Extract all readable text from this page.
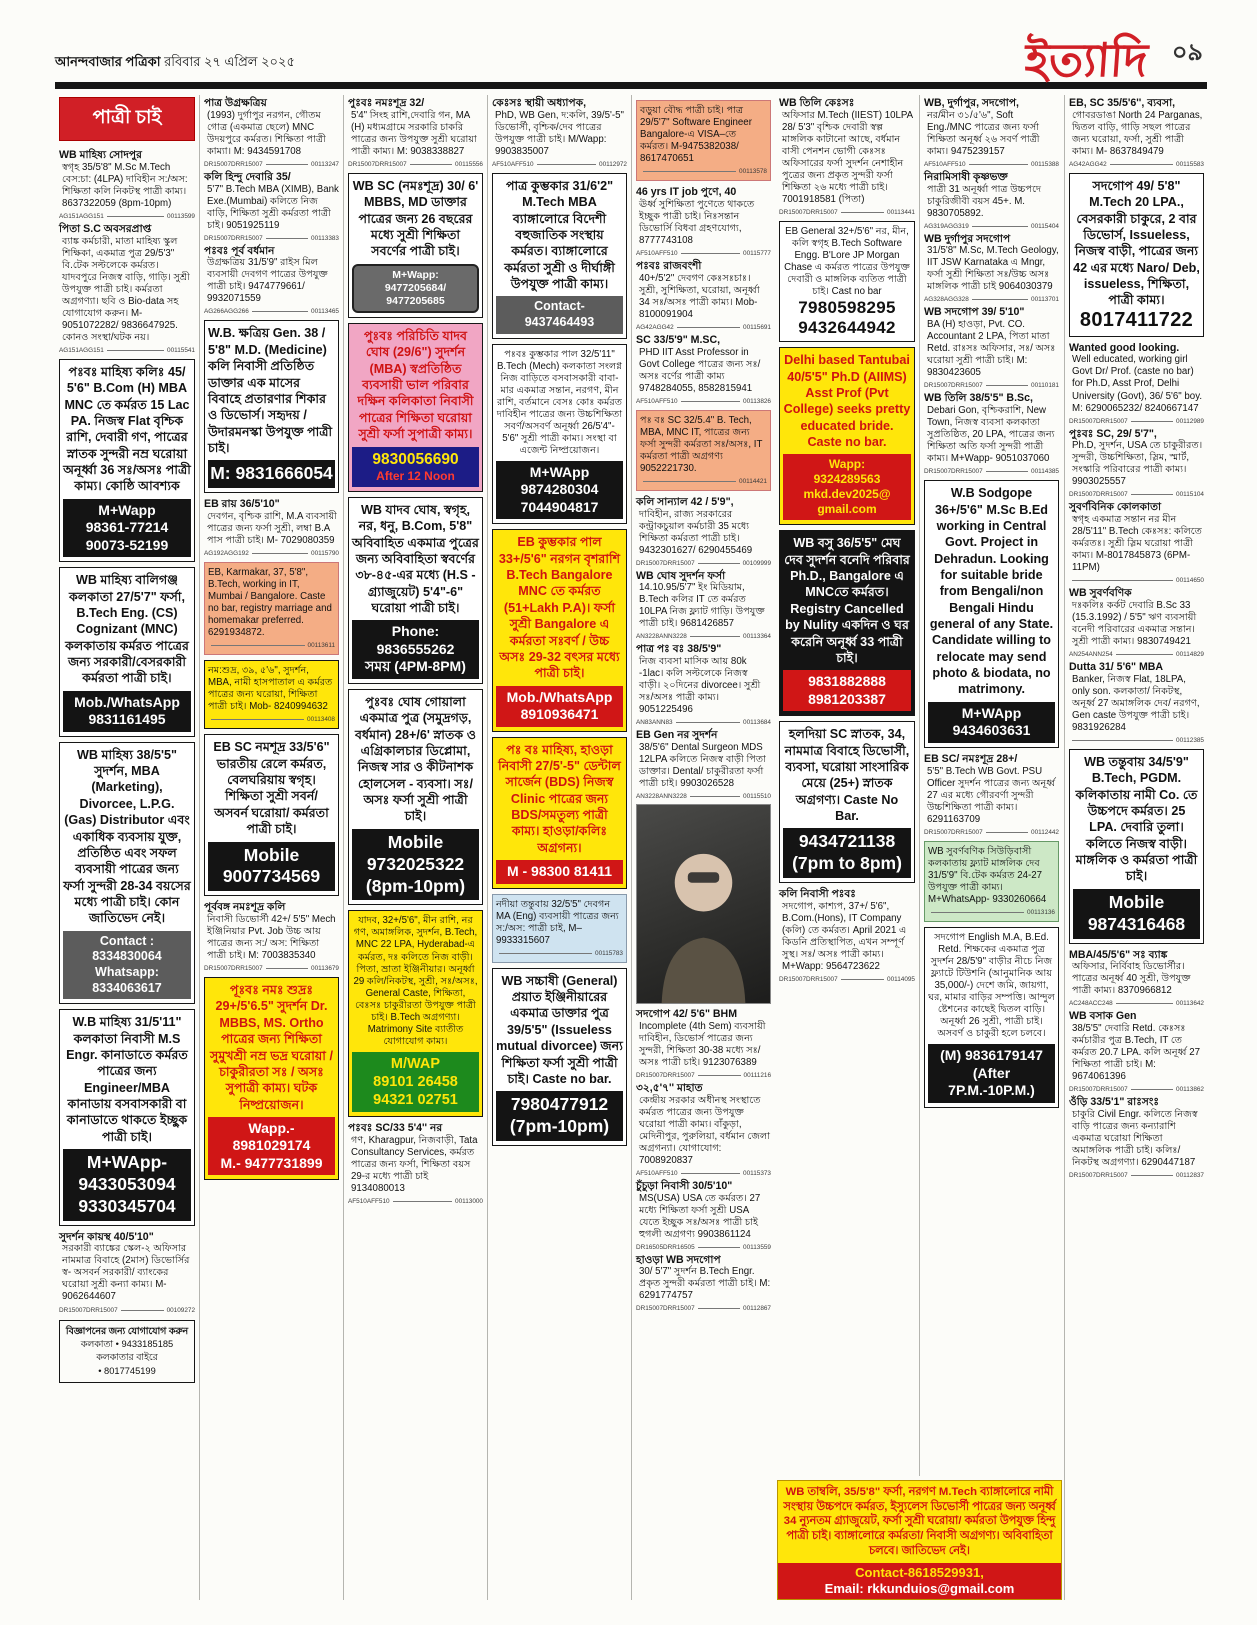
আনন্দবাজার পত্রিকা রবিবার ২৭ এপ্রিল ২০২৫	ইত্যাদি ০৯
পাত্রী চাই
WB মাহিষ্য সোদপুর
স্বগৃহ 35/5'8" M.Sc M.Tech বেস:চা: (4LPA) দাবিহীন স:/অস: শিক্ষিতা কলি নিকটস্থ পাত্রী কাম্য। 8637322059 (8pm-10pm)
AG151AGG151	00113599
পিতা S.C অবসরপ্রাপ্ত
ব্যাঙ্ক কর্মচারী, মাতা মাহিষ্য স্কুল শিক্ষিকা, একমাত্র পুত্র 29/5'3" বি.টেক সল্টলেকে কর্মরত। যাদবপুরে নিজস্ব বাড়ি, গাড়ি। সুশ্রী উপযুক্ত পাত্রী চাই। কর্মরতা অগ্রগণ্যা। ছবি ও Bio-data সহ যোগাযোগ করুন। M-9051072282/ 9836647925. কোনও সংস্থা/ঘটক নয়।
AG151AGG151	00115541
পঃবঃ মাহিষ্য কলিঃ 45/ 5'6" B.Com (H) MBA MNC তে কর্মরত 15 Lac PA. নিজস্ব Flat বৃশ্চিক রাশি, দেবারী গণ, পাত্রের স্নাতক সুন্দরী নম্র ঘরোয়া অনূর্ধ্বা 36 সঃ/অসঃ পাত্রী কাম্য। কোষ্ঠি আবশ্যক
M+Wapp
98361-77214
90073-52199
WB মাহিষ্য বালিগঞ্জ কলকাতা 27/5'7" ফর্সা, B.Tech Eng. (CS) Cognizant (MNC) কলকাতায় কর্মরত পাত্রের জন্য সরকারী/বেসরকারী কর্মরতা পাত্রী চাই।
Mob./WhatsApp
9831161495
WB মাহিষ্য 38/5'5" সুদর্শন, MBA (Marketing), Divorcee, L.P.G. (Gas) Distributor এবং একাধিক ব্যবসায় যুক্ত, প্রতিষ্ঠিত এবং সফল ব্যবসায়ী পাত্রের জন্য ফর্সা সুন্দরী 28-34 বয়সের মধ্যে পাত্রী চাই। কোন জাতিভেদ নেই।
Contact :
8334830064
Whatsapp:
8334063617
W.B মাহিষ্য 31/5'11" কলকাতা নিবাসী M.S Engr. কানাডাতে কর্মরত পাত্রের জন্য Engineer/MBA কানাডায় বসবাসকারী বা কানাডাতে থাকতে ইচ্ছুক পাত্রী চাই।
M+WApp-
9433053094
9330345704
সুদর্শন কায়স্থ 40/5'10"
সরকারী ব্যাঙ্কের স্কেল-২ অফিসার নামমাত্র বিবাহে (2মাস) ডিভোর্সির স্ব- অসবর্ন সরকারী/ ব্যাংকের ঘরোয়া সুশ্রী কন্যা কাম্য। M-9062644607
DR15007DRR15007	00109272
বিজ্ঞাপনের জন্য যোগাযোগ করুন
কলকাতা • 9433185185
কলকাতার বাইরে
• 8017745199
পাত্র উগ্রক্ষত্রিয়
(1993) দুর্গাপুর নরগন, গৌতম গোত্র (একমাত্র ছেলে) MNC উদয়পুরে কর্মরত। শিক্ষিতা পাত্রী কাম্যা। M: 9434591708
DR15007DRR15007	00113247
কলি হিন্দু দেবারি 35/
5'7" B.Tech MBA (XIMB), Bank Exe.(Mumbai) কলিতে নিজ বাড়ি, শিক্ষিতা সুশ্রী কর্মরতা পাত্রী চাই। 9051925119
DR15007DRR15007	00113383
পঃবঃ পূর্ব বর্ধমান
উগ্রক্ষত্রিয় 31/5'9" রাইস মিল ব্যবসায়ী দেবগণ পাত্রের উপযুক্ত পাত্রী চাই। 9474779661/ 9932071559
AG266AGG266	00113465
W.B. ক্ষত্রিয় Gen. 38 / 5'8" M.D. (Medicine) কলি নিবাসী প্রতিষ্ঠিত ডাক্তার এক মাসের বিবাহে প্রতারণার শিকার ও ডিভোর্স। সহৃদয় / উদারমনস্কা উপযুক্ত পাত্রী চাই।
M: 9831666054
EB রায় 36/5'10"
দেবগন, বৃশ্চিক রাশি, M.A ব্যবসায়ী পাত্রের জন্য ফর্সা সুশ্রী, লম্বা B.A পাস পাত্রী চাই। M- 7029080359
AG192AGG192	00115790
EB, Karmakar, 37, 5'8", B.Tech, working in IT, Mumbai / Bangalore. Caste no bar, registry marriage and homemakar preferred. 6291934872.
00113611
নম:শুদ্র, ৩৯, ৫'৬", সুদর্শন, MBA, নামী হাসপাতাল এ কর্মরত পাত্রের জন্য ঘরোয়া, শিক্ষিতা পাত্রী চাই। Mob- 8240994632
00113408
EB SC নমশূদ্র 33/5'6" ভারতীয় রেলে কর্মরত, বেলঘরিয়ায় স্বগৃহ। শিক্ষিতা সুশ্রী সবর্ন/ অসবর্ন ঘরোয়া/ কর্মরতা পাত্রী চাই।
Mobile
9007734569
পূর্ববঙ্গ নমঃশূদ্র কলি
নিবাসী ডিভোর্সী 42+/ 5'5" Mech ইঞ্জিনিয়ার Pvt. Job উচ্চ আয় পাত্রের জন্য স:/ অস: শিক্ষিতা পাত্রী চাই। M: 7003835340
DR15007DRR15007	00113679
পূঃবঃ নমঃ শুদ্রঃ 29+/5'6.5" সুদর্শন Dr. MBBS, MS. Ortho পাত্রের জন্য শিক্ষিতা সুমুখশ্রী নম্র ভদ্র ঘরোয়া / চাকুরীরতা সঃ / অসঃ সুপাত্রী কাম্য। ঘটক নিষ্প্রয়োজন।
Wapp.-
8981029174
M.- 9477731899
পুঃবঃ নমঃশূদ্র 32/
5'4" সিংহ রাশি,দেবারি গন, MA (H) মধ্যমগ্রামে সরকারি চাকরি পাত্রের জন্য উপযুক্ত সুশ্রী ঘরোয়া পাত্রী কাম্য। M: 9038338827
DR15007DRR15007	00115556
WB SC (নমঃশূদ্র) 30/ 6' MBBS, MD ডাক্তার পাত্রের জন্য 26 বছরের মধ্যে সুশ্রী শিক্ষিতা সবর্ণের পাত্রী চাই।
M+Wapp:
9477205684/ 9477205685
পুঃবঃ পরিচিতি যাদব ঘোষ (29/6") সুদর্শন (MBA) স্বপ্রতিষ্ঠিত ব্যবসায়ী ভাল পরিবার দক্ষিন কলিকাতা নিবাসী পাত্রের শিক্ষিতা ঘরোয়া সুশ্রী ফর্সা সুপাত্রী কাম্য।
9830056690
After 12 Noon
WB যাদব ঘোষ, স্বগৃহ, নর, ধনু, B.Com, 5'8" অবিবাহিত একমাত্র পুত্রের জন্য অবিবাহিতা স্ববর্ণের ৩৮-৪৫-এর মধ্যে (H.S - গ্র্যাজুয়েট) 5'4"-6" ঘরোয়া পাত্রী চাই।
Phone:
9836555262
সময় (4PM-8PM)
পুঃবঃ ঘোষ গোয়ালা একমাত্র পুত্র (সমুদ্রগড়, বর্ধমান) 28+/6' স্নাতক ও এগ্রিকালচার ডিপ্লোমা, নিজস্ব সার ও কীটনাশক হোলসেল - ব্যবসা। সঃ/অসঃ ফর্সা সুশ্রী পাত্রী চাই।
Mobile
9732025322
(8pm-10pm)
যাদব, 32+/5'6", মীন রাশি, নর গণ, অমাঙ্গলিক, সুদর্শন, B.Tech, MNC 22 LPA, Hyderabad-এ কর্মরত, দঃ কলিতে নিজ বাড়ী। পিতা, ভ্রাতা ইঞ্জিনীয়ার। অনূর্ধ্বা 29 কলি/নিকটস্থ, সুশ্রী, সঃ/অসঃ, General Caste, শিক্ষিতা, বেঃসঃ চাকুরীরতা উপযুক্ত পাত্রী চাই। B.Tech অগ্রগণ্যা। Matrimony Site ব্যাতীত যোগাযোগ কাম্য।
M/WAP
89101 26458
94321 02751
পঃবঃ SC/33 5'4'' নর
গণ, Kharagpur, নিজবাড়ী, Tata Consultancy Services, কর্মরত পাত্রের জন্য ফর্সা, শিক্ষিতা বয়স 29-র মধ্যে পাত্রী চাই 9134080013
AF510AFF510	00113000
কেঃসঃ স্থায়ী অধ্যাপক,
PhD, WB Gen, দ:কলি, 39/5'-5" ডিভোর্সী, বৃশ্চিক/দেব পাত্রের উপযুক্ত পাত্রী চাই। M/Wapp: 9903835007
AF510AFF510	00112972
পাত্র কুম্ভকার 31/6'2" M.Tech MBA ব্যাঙ্গালোরে বিদেশী বহুজাতিক সংস্থায় কর্মরত। ব্যাঙ্গালোরে কর্মরতা সুশ্রী ও দীর্ঘাঙ্গী উপযুক্ত পাত্রী কাম্য।
Contact-
9437464493
পঃবঃ কুম্ভকার পাল 32/5'11" B.Tech (Mech) কলকাতা সংলগ্ন নিজ বাড়িতে বসবাসকারী বাবা-মার একমাত্র সন্তান, নরগণ, মীন রাশি, বর্তমানে বেসঃ কোঃ কর্মরত দাবিহীন পাত্রের জন্য উচ্চশিক্ষিতা সবর্ণ/অসবর্ণ অনূর্ধ্বা 26/5'4"- 5'6" সুশ্রী পাত্রী কাম্য। সংস্থা বা এজেন্ট নিষ্প্রয়োজন।
M+WApp
9874280304
7044904817
EB কুম্ভকার পাল 33+/5'6" নরগন বৃশরাশি B.Tech Bangalore MNC তে কর্মরত (51+Lakh P.A)। ফর্সা সুশ্রী Bangalore এ কর্মরতা সঃবর্ণ / উচ্চ অসঃ 29-32 বৎসর মধ্যে পাত্রী চাই।
Mob./WhatsApp
8910936471
পঃ বঃ মাহিষ্য, হাওড়া নিবাসী 27/5'-5" ডেন্টাল সার্জেন (BDS) নিজস্ব Clinic পাত্রের জন্য BDS/সমতুল্য পাত্রী কাম্য। হাওড়া/কলিঃ অগ্রগন্য।
M - 98300 81411
নদীয়া তন্তুবায় 32/5'5" দেবগন MA (Eng) ব্যবসায়ী পাত্রের জন্য স:/অস: পাত্রী চাই, M– 9933315607
00115783
WB সচ্চাষী (General) প্রয়াত ইঞ্জিনীয়ারের একমাত্র ডাক্তার পুত্র 39/5'5" (Issueless mutual divorcee) জন্য শিক্ষিতা ফর্সা সুশ্রী পাত্রী চাই। Caste no bar.
7980477912
(7pm-10pm)
বড়ুয়া বৌদ্ধ পাত্রী চাই। পাত্র 29/5'7" Software Engineer Bangalore-এ VISA–তে কর্মরত। M-9475382038/ 8617470651
00113578
46 yrs IT job পুণে, 40
ঊর্ধ্ব সুশিক্ষিতা পুণেতে থাকতে ইচ্ছুক পাত্রী চাই। নিঃসন্তান ডিভোর্সি বিধবা গ্রহণযোগ্য, 8777743108
AF510AFF510	00115777
পঃবঃ রাজবংশী
40+/5'2'' দেবগণ কেঃসঃচাঃ। সুশ্রী, সুশিক্ষিতা, ঘরোয়া, অনূর্ধ্বা 34 সঃ/অসঃ পাত্রী কাম্য। Mob- 8100091904
AG42AGG42	00115691
SC 33/5'9" M.SC,
PHD IIT Asst Professor in Govt College পাত্রের জন্য সঃ/অসঃ বর্ণের পাত্রী কাম্য 9748284055, 8582815941
AF510AFF510	00113826
পঃ বঃ SC 32/5.4" B. Tech, MBA, MNC IT, পাত্রের জন্য ফর্সা সুন্দরী কর্মরতা সঃ/অসঃ, IT কর্মরতা পাত্রী অগ্রগণ্য 9052221730.
00114421
কলি সান্যাল 42 / 5'9",
দাবিহীন, রাজ্য সরকারের কন্ট্রাকচুয়াল কর্মচারী 35 মধ্যে শিক্ষিতা কর্মরতা পাত্রী চাই। 9432301627/ 6290455469
DR15007DRR15007	00109999
WB ঘোষ সুদর্শন ফর্সা
14.10.95/5'7" ইং মিডিয়াম, B.Tech কলির IT তে কর্মরত 10LPA নিজ ফ্ল্যাট গাড়ি। উপযুক্ত পাত্রী চাই। 9681426857
AN3228ANN3228	00113364
পাত্র পঃ বঃ 38/5'9"
নিজ ব্যবসা মাসিক আয় 80k -1lac। কলি সল্টলেকে নিজস্ব বাড়ী। ২০দিনের divorcee। সুশ্রী সঃ/অসঃ পাত্রী কাম্য। 9051225496
AN83ANN83	00113684
EB Gen নর সুদর্শন
38/5'6" Dental Surgeon MDS 12LPA কলিতে নিজস্ব বাড়ী পিতা ডাক্তার। Dental/ চাকুরীরতা ফর্সা পাত্রী চাই। 9903026528
AN3228ANN3228	00115510
সদগোপ 42/ 5'6" BHM
Incomplete (4th Sem) ব্যবসায়ী দাবিহীন, ডিভোর্স পাত্রের জন্য সুন্দরী, শিক্ষিতা 30-38 মধ্যে সঃ/ অসঃ পাত্রী চাই। 9123076389
DR15007DRR15007	00111216
৩২,৫'৭'' মাহাত
কেন্দ্রীয় সরকার অধীনস্থ সংস্থাতে কর্মরত পাত্রের জন্য উপযুক্ত ঘরোয়া পাত্রী কাম্য। বাঁকুড়া, মেদিনীপুর, পুরুলিয়া, বর্ধমান জেলা অগ্রগন্যা। যোগাযোগ: 7008920837
AF510AFF510	00115373
চুঁচুড়া নিবাসী 30/5'10"
MS(USA) USA তে কর্মরত। 27 মধ্যে শিক্ষিতা ফর্সা সুশ্রী USA যেতে ইচ্ছুক সঃ/অসঃ পাত্রী চাই হুগলী অগ্রগণ্য 9903861124
DR16505DRR16505	00113559
হাওড়া WB সদগোপ
30/ 5'7" সুদর্শন B.Tech Engr. প্রকৃত সুন্দরী কর্মরতা পাত্রী চাই। M: 6291774757
DR15007DRR15007	00112867
WB তিলি কেঃসঃ
অফিসার M.Tech (IIEST) 10LPA 28/ 5'3" বৃশ্চিক দেবারী স্বল্প মাঙ্গলিক কাটানো আছে, বর্ধমান বাসী পেনশন ভোগী কেঃসঃ অফিসারের ফর্সা সুদর্শন নেশাহীন পুত্রের জন্য প্রকৃত সুন্দরী ফর্সা শিক্ষিতা ২৬ মধ্যে পাত্রী চাই। 7001918581 (পিতা)
DR15007DRR15007	00113441
EB General 32+/5'6" নর, মীন, কলি স্বগৃহ B.Tech Software Engg. B'Lore JP Morgan Chase এ কর্মরত পাত্রের উপযুক্ত দেবারী ও মাঙ্গলিক ব্যতিত পাত্রী চাই। Cast no bar
7980598295
9432644942
Delhi based Tantubai 40/5'5" Ph.D (AIIMS) Asst Prof (Pvt College) seeks pretty educated bride. Caste no bar.
Wapp:
9324289563
mkd.dev2025@
gmail.com
WB বসু 36/5'5" মেঘ দেব সুদর্শন বনেদি পরিবার Ph.D., Bangalore এ MNCতে কর্মরত। Registry Cancelled by Nulity একদিন ও ঘর করেনি অনূর্ধ্ব 33 পাত্রী চাই।
9831882888
8981203387
হলদিয়া SC স্নাতক, 34, নামমাত্র বিবাহে ডিভোর্সী, ব্যবসা, ঘরোয়া সাংসারিক মেয়ে (25+) স্নাতক অগ্রগণ্য। Caste No Bar.
9434721138
(7pm to 8pm)
কলি নিবাসী পঃবঃ
সদগোপ, কাশ্যপ, 37+/ 5'6", B.Com.(Hons), IT Company (কলি) তে কর্মরত। April 2021 এ কিডনি প্রতিস্থাপিত, এখন সম্পূর্ণ সুস্থ। সঃ/ অসঃ পাত্রী কাম্য। M+Wapp: 9564723622
DR15007DRR15007	00114095
WB, দুর্গাপুর, সদগোপ,
নর/মীন ৩১/৫'৬", Soft Eng./MNC পাত্রের জন্য ফর্সা শিক্ষিতা অনূর্ধ্ব ২৬ সবর্ণ পাত্রী কাম্য। 9475239157
AF510AFF510	00115388
নিরামিসাষী কৃষ্ণভক্ত
পাত্রী 31 অনূর্ধ্বা পাত্র উচ্চপদে চাকুরিজীবী বয়স 45+. M. 9830705892.
AG319AGG319	00115404
WB দুর্গাপুর সদগোপ
31/5'8" M.Sc, M.Tech Geology, IIT JSW Karnataka এ Mngr, ফর্সা সুশ্রী শিক্ষিতা সঃ/উচ্চ অসঃ মাঙ্গলিক পাত্রী চাই 9064030379
AG328AGG328	00113701
WB সদগোপ 39/ 5'10"
BA (H) হাওড়া, Pvt. CO. Accountant 2 LPA, পিতা মাতা Retd. রাঃসঃ অফিসার, সঃ/ অসঃ ঘরোয়া সুশ্রী পাত্রী চাই। M: 9830423605
DR15007DRR15007	00110181
WB তিলি 38/5'5" B.Sc,
Debari Gon, বৃশ্চিকরাশি, New Town, নিজস্ব ব্যবসা কলকাতা সুপ্রতিষ্ঠিত, 20 LPA, পাত্রের জন্য শিক্ষিতা অতি ফর্সা সুন্দরী পাত্রী কাম্য। M+Wapp- 9051037060
DR15007DRR15007	00114385
W.B Sodgope 36+/5'6" M.Sc B.Ed working in Central Govt. Project in Dehradun. Looking for suitable bride from Bengali/non Bengali Hindu general of any State. Candidate willing to relocate may send photo & biodata, no matrimony.
M+WApp
9434603631
EB SC/ নমঃশূদ্র 28+/
5'5" B.Tech WB Govt. PSU Officer সুদর্শন পাত্রের জন্য অনূর্ধ্ব 27 এর মধ্যে গৌরবর্ণা সুন্দরী উচ্চশিক্ষিতা পাত্রী কাম্য। 6291163709
DR15007DRR15007	00112442
WB সুবর্ণবণিক সিউড়িবাসী কলকাতায় ফ্ল্যাট মাঙ্গলিক দেব 31/5'9" বি.টেক কর্মরত 24-27 উপযুক্ত পাত্রী কাম্য। M+WhatsApp- 9330260664
00113136
সদগোপ English M.A, B.Ed. Retd. শিক্ষকের একমাত্র পুত্র সুদর্শন 28/5'9" বাড়ীর নীচে নিজ ফ্ল্যাটে টিউশনি (আনুমানিক আয় 35,000/-) দেশে জমি, জায়গা, ঘর, মামার বাড়ির সম্পত্তি। আন্দুল ষ্টেশনের কাছেই দ্বিতল বাড়ি। অনূর্ধ্বা 26 সুশ্রী, পাত্রী চাই। অসবর্ণ ও চাকুরী হলে চলবে।
(M) 9836179147
(After 7P.M.-10P.M.)
WB তাম্বলি, 35/5'8" ফর্সা, নরগণ M.Tech ব্যাঙ্গালোরে নামী সংস্থায় উচ্চপদে কর্মরত, ইস্যুলেস ডিভোর্সী পাত্রের জন্য অনূর্ধ্ব 34 ন্যুনতম গ্র্যাজুয়েট, ফর্সা সুশ্রী ঘরোয়া/ কর্মরতা উপযুক্ত হিন্দু পাত্রী চাই। ব্যাঙ্গালোরে কর্মরতা/ নিবাসী অগ্রগণ্য। অবিবাহিতা চলবে। জাতিভেদ নেই।
Contact-8618529931,
Email: rkkunduios@gmail.com
EB, SC 35/5'6'', ব্যবসা,
গোবরডাঙা North 24 Parganas, দ্বিতল বাড়ি, গাড়ি সছল পাত্রের জন্য ঘরোয়া, ফর্সা, সুশ্রী পাত্রী কাম্য। M- 8637849479
AG42AGG42	00115583
সদগোপ 49/ 5'8" M.Tech 20 LPA., বেসরকারী চাকুরে, 2 বার ডিভোর্স, Issueless, নিজস্ব বাড়ী, পাত্রের জন্য 42 এর মধ্যে Naro/ Deb, issueless, শিক্ষিতা, পাত্রী কাম্য।
8017411722
Wanted good looking.
Well educated, working girl Govt Dr/ Prof. (caste no bar) for Ph.D, Asst Prof, Delhi University (Govt), 36/ 5'6" boy. M: 6290065232/ 8240667147
DR15007DRR15007	00112989
পুঃবঃ SC, 29/ 5'7",
Ph.D, সুদর্শন, USA তে চাকুরীরত। সুন্দরী, উচ্চশিক্ষিতা, স্লিম, স্মার্ট, সংস্কারি পরিবারের পাত্রী কাম্য। 9903025557
DR15007DRR15007	00115104
সুবর্ণবিনিক কোলকাতা
স্বগৃহ একমাত্র সন্তান নর মীন 28/5'11" B.Tech কেঃসঃ: কলিতে কর্মরতঃ। সুশ্রী স্লিম ঘরোয়া পাত্রী কাম্য। M-8017845873 (6PM-11PM)
00114650
WB সুবর্ণবণিক
দঃকলিঃ কর্কট দেবারি B.Sc 33 (15.3.1992) / 5'5" ঋণ ব্যবসায়ী বনেদী পরিবারের একমাত্র সন্তান। সুশ্রী পাত্রী কাম্য। 9830749421
AN254ANN254	00114829
Dutta 31/ 5'6" MBA
Banker, নিজস্ব Flat, 18LPA, only son. কলকাতা/ নিকটস্থ, অনূর্ধ্ব 27 অমাঙ্গলিক দেব/ নরগণ, Gen caste উপযুক্ত পাত্রী চাই। 9831926284
00112385
WB তন্তুবায় 34/5'9" B.Tech, PGDM. কলিকাতায় নামী Co. তে উচ্চপদে কর্মরত। 25 LPA. দেবারি তুলা। কলিতে নিজস্ব বাড়ী। মাঙ্গলিক ও কর্মরতা পাত্রী চাই।
Mobile
9874316468
MBA/45/5'6" সঃ ব্যাঙ্ক
অফিসার, নির্বিবাহ ডিভোর্সীর। পাত্রের অনূর্ধ্ব 40 সুশ্রী, উপযুক্ত পাত্রী কাম্য। 8370966812
AC248ACC248	00113642
WB বসাক Gen
38/5'5" দেবারি Retd. কেঃসঃ কর্মচারীর পুত্র B.Tech, IT তে কর্মরত 20.7 LPA. কলি অনূর্ধ্ব 27 শিক্ষিতা পাত্রী চাই। M: 9674061396
DR15007DRR15007	00113862
ওঁড়ি 33/5'1" রাঃসংঃ
চাকুরি Civil Engr. কলিতে নিজস্ব বাড়ি পাত্রের জন্য কন্যারাশি একমাত্র ঘরোয়া শিক্ষিতা অমাঙ্গলিক পাত্রী চাই। কলিঃ/নিকটস্থ অগ্রগণ্যা। 6290447187
DR15007DRR15007	00112837
